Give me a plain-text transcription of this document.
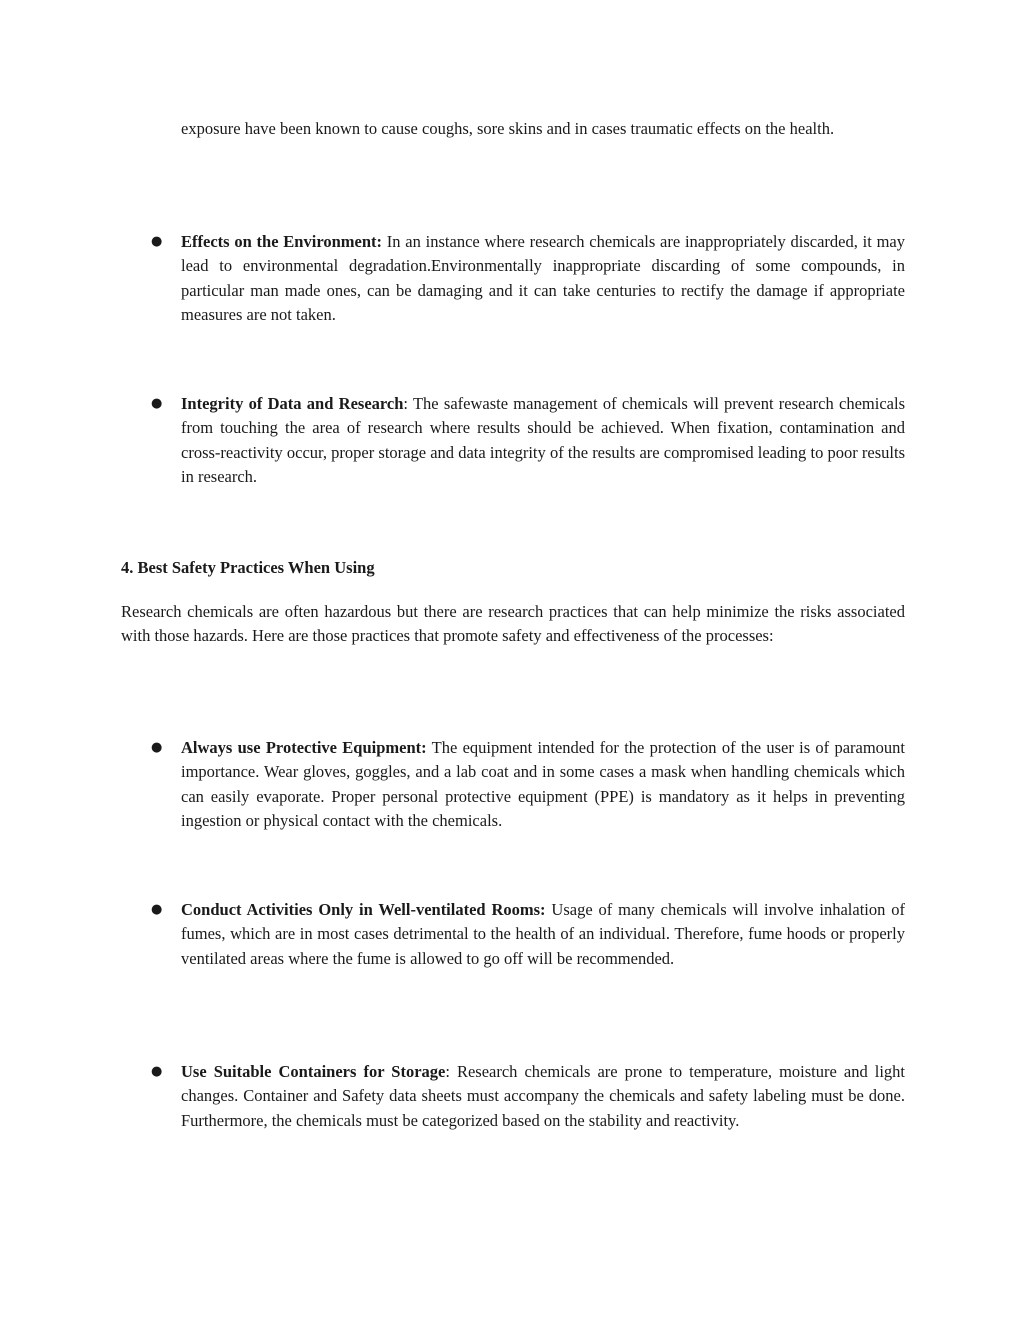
exposure have been known to cause coughs, sore skins and in cases traumatic effects on the health.
● Effects on the Environment: In an instance where research chemicals are inappropriately discarded, it may lead to environmental degradation.Environmentally inappropriate discarding of some compounds, in particular man made ones, can be damaging and it can take centuries to rectify the damage if appropriate measures are not taken.
● Integrity of Data and Research: The safewaste management of chemicals will prevent research chemicals from touching the area of research where results should be achieved. When fixation, contamination and cross-reactivity occur, proper storage and data integrity of the results are compromised leading to poor results in research.
4. Best Safety Practices When Using
Research chemicals are often hazardous but there are research practices that can help minimize the risks associated with those hazards. Here are those practices that promote safety and effectiveness of the processes:
● Always use Protective Equipment: The equipment intended for the protection of the user is of paramount importance. Wear gloves, goggles, and a lab coat and in some cases a mask when handling chemicals which can easily evaporate. Proper personal protective equipment (PPE) is mandatory as it helps in preventing ingestion or physical contact with the chemicals.
● Conduct Activities Only in Well-ventilated Rooms: Usage of many chemicals will involve inhalation of fumes, which are in most cases detrimental to the health of an individual. Therefore, fume hoods or properly ventilated areas where the fume is allowed to go off will be recommended.
● Use Suitable Containers for Storage: Research chemicals are prone to temperature, moisture and light changes. Container and Safety data sheets must accompany the chemicals and safety labeling must be done. Furthermore, the chemicals must be categorized based on the stability and reactivity.
